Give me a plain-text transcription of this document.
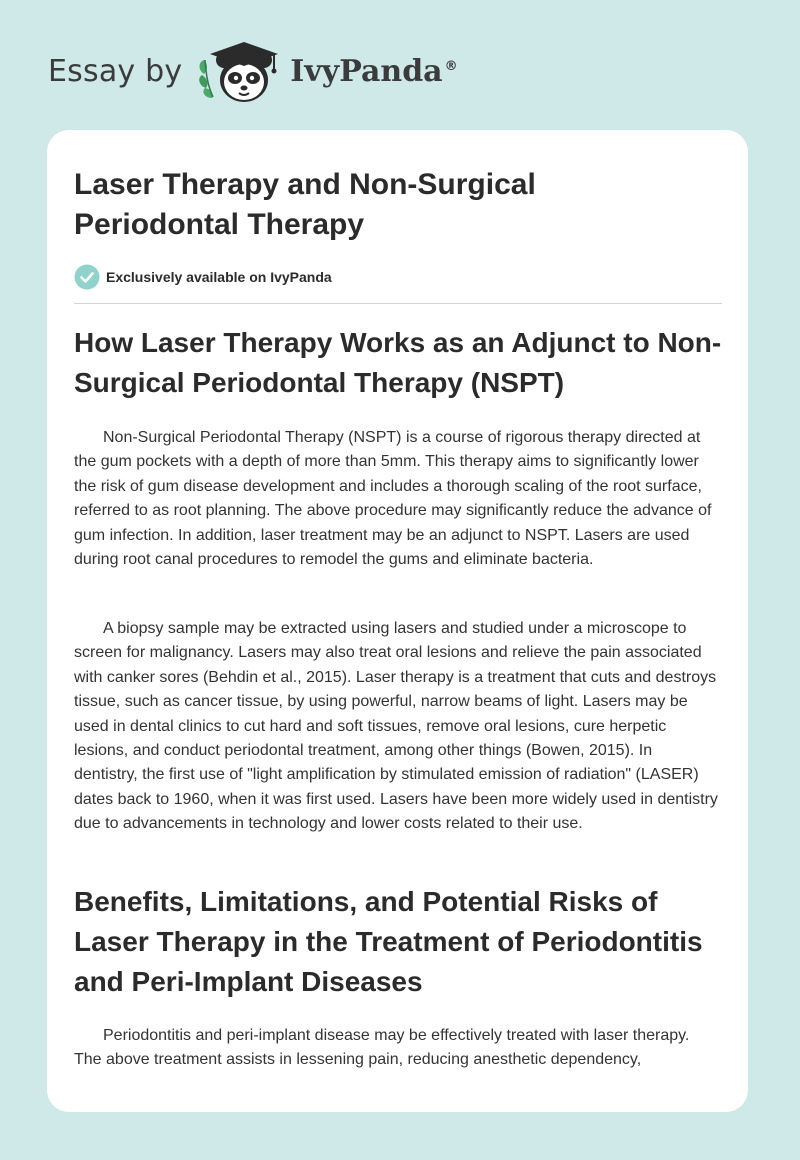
Essay by	IvyPanda ®
Laser Therapy and Non-Surgical Periodontal Therapy
Exclusively available on IvyPanda
How Laser Therapy Works as an Adjunct to Non-Surgical Periodontal Therapy (NSPT)

Non-Surgical Periodontal Therapy (NSPT) is a course of rigorous therapy directed at the gum pockets with a depth of more than 5mm. This therapy aims to significantly lower the risk of gum disease development and includes a thorough scaling of the root surface, referred to as root planning. The above procedure may significantly reduce the advance of gum infection. In addition, laser treatment may be an adjunct to NSPT. Lasers are used during root canal procedures to remodel the gums and eliminate bacteria.

A biopsy sample may be extracted using lasers and studied under a microscope to screen for malignancy. Lasers may also treat oral lesions and relieve the pain associated with canker sores (Behdin et al., 2015). Laser therapy is a treatment that cuts and destroys tissue, such as cancer tissue, by using powerful, narrow beams of light. Lasers may be used in dental clinics to cut hard and soft tissues, remove oral lesions, cure herpetic lesions, and conduct periodontal treatment, among other things (Bowen, 2015). In dentistry, the first use of "light amplification by stimulated emission of radiation" (LASER) dates back to 1960, when it was first used. Lasers have been more widely used in dentistry due to advancements in technology and lower costs related to their use.

Benefits, Limitations, and Potential Risks of Laser Therapy in the Treatment of Periodontitis and Peri-Implant Diseases

Periodontitis and peri-implant disease may be effectively treated with laser therapy. The above treatment assists in lessening pain, reducing anesthetic dependency,
